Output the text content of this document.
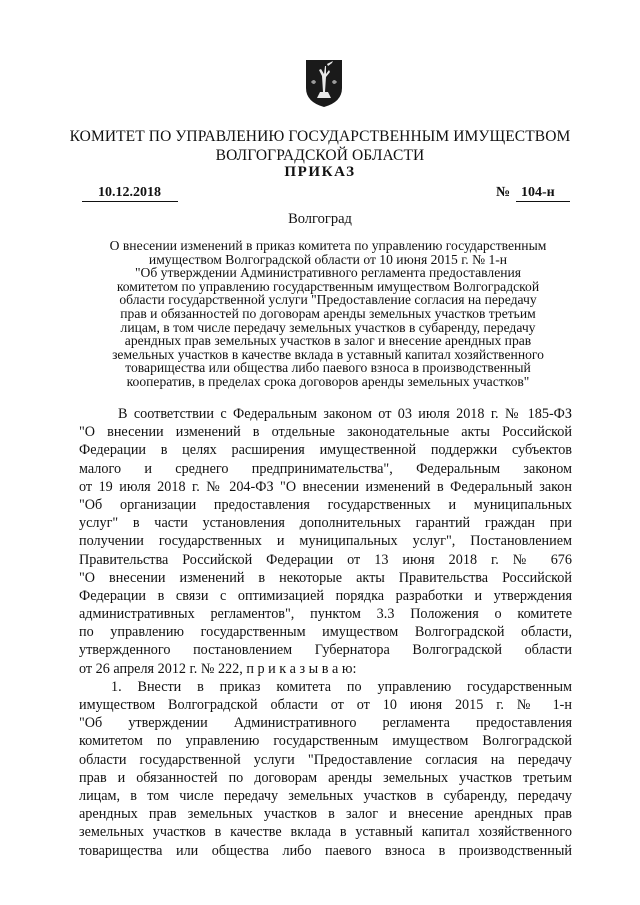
КОМИТЕТ ПО УПРАВЛЕНИЮ ГОСУДАРСТВЕННЫМ ИМУЩЕСТВОМ
ВОЛГОГРАДСКОЙ ОБЛАСТИ
ПРИКАЗ
10.12.2018	№ 104-н
Волгоград
О внесении изменений в приказ комитета по управлению государственным
имуществом Волгоградской области от 10 июня 2015 г. № 1-н
"Об утверждении Административного регламента предоставления
комитетом по управлению государственным имуществом Волгоградской
области государственной услуги "Предоставление согласия на передачу
прав и обязанностей по договорам аренды земельных участков третьим
лицам, в том числе передачу земельных участков в субаренду, передачу
арендных прав земельных участков в залог и внесение арендных прав
земельных участков в качестве вклада в уставный капитал хозяйственного
товарищества или общества либо паевого взноса в производственный
кооператив, в пределах срока договоров аренды земельных участков"
В соответствии с Федеральным законом от 03 июля 2018 г. № 185-ФЗ
"О внесении изменений в отдельные законодательные акты Российской
Федерации в целях расширения имущественной поддержки субъектов
малого и среднего предпринимательства", Федеральным законом
от 19 июля 2018 г. № 204-ФЗ "О внесении изменений в Федеральный закон
"Об организации предоставления государственных и муниципальных
услуг" в части установления дополнительных гарантий граждан при
получении государственных и муниципальных услуг", Постановлением
Правительства Российской Федерации от 13 июня 2018 г. № 676
"О внесении изменений в некоторые акты Правительства Российской
Федерации в связи с оптимизацией порядка разработки и утверждения
административных регламентов", пунктом 3.3 Положения о комитете
по управлению государственным имуществом Волгоградской области,
утвержденного постановлением Губернатора Волгоградской области
от 26 апреля 2012 г. № 222, п р и к а з ы в а ю:
1. Внести в приказ комитета по управлению государственным
имуществом Волгоградской области от от 10 июня 2015 г. № 1-н
"Об утверждении Административного регламента предоставления
комитетом по управлению государственным имуществом Волгоградской
области государственной услуги "Предоставление согласия на передачу
прав и обязанностей по договорам аренды земельных участков третьим
лицам, в том числе передачу земельных участков в субаренду, передачу
арендных прав земельных участков в залог и внесение арендных прав
земельных участков в качестве вклада в уставный капитал хозяйственного
товарищества или общества либо паевого взноса в производственный
